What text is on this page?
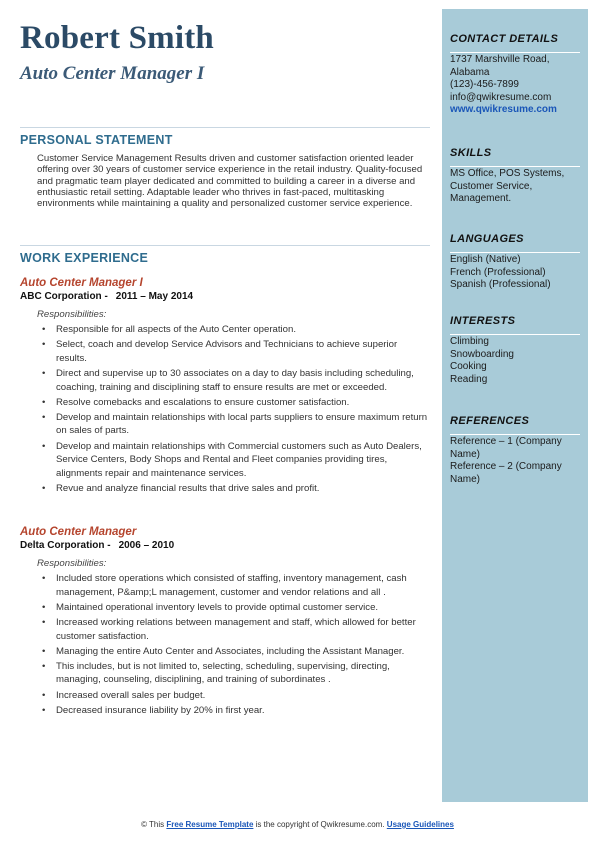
Robert Smith
Auto Center Manager I
PERSONAL STATEMENT

Customer Service Management Results driven and customer satisfaction oriented leader offering over 30 years of customer service experience in the retail industry. Quality-focused and pragmatic team player dedicated and committed to building a career in a diverse and enthusiastic retail setting. Adaptable leader who thrives in fast-paced, multitasking environments while maintaining a quality and personalized customer service experience.

WORK EXPERIENCE

Auto Center Manager I

ABC Corporation - 2011 – May 2014

Responsibilities:

• Responsible for all aspects of the Auto Center operation.
• Select, coach and develop Service Advisors and Technicians to achieve superior results.
• Direct and supervise up to 30 associates on a day to day basis including scheduling, coaching, training and disciplining staff to ensure results are met or exceeded.
• Resolve comebacks and escalations to ensure customer satisfaction.
• Develop and maintain relationships with local parts suppliers to ensure maximum return on sales of parts.
• Develop and maintain relationships with Commercial customers such as Auto Dealers, Service Centers, Body Shops and Rental and Fleet companies providing tires, alignments repair and maintenance services.
• Revue and analyze financial results that drive sales and profit.

Auto Center Manager

Delta Corporation - 2006 – 2010

Responsibilities:

• Included store operations which consisted of staffing, inventory management, cash management, P&amp;L management, customer and vendor relations and all .
• Maintained operational inventory levels to provide optimal customer service.
• Increased working relations between management and staff, which allowed for better customer satisfaction.
• Managing the entire Auto Center and Associates, including the Assistant Manager.
• This includes, but is not limited to, selecting, scheduling, supervising, directing, managing, counseling, disciplining, and training of subordinates .
• Increased overall sales per budget.
• Decreased insurance liability by 20% in first year.
CONTACT DETAILS
1737 Marshville Road,
Alabama
(123)-456-7899
info@qwikresume.com
www.qwikresume.com
SKILLS

MS Office, POS Systems, Customer Service, Management.

LANGUAGES
English (Native)
French (Professional)
Spanish (Professional)
INTERESTS
Climbing
Snowboarding
Cooking
Reading
REFERENCES
Reference – 1 (Company Name)
Reference – 2 (Company Name)
© This Free Resume Template is the copyright of Qwikresume.com. Usage Guidelines
